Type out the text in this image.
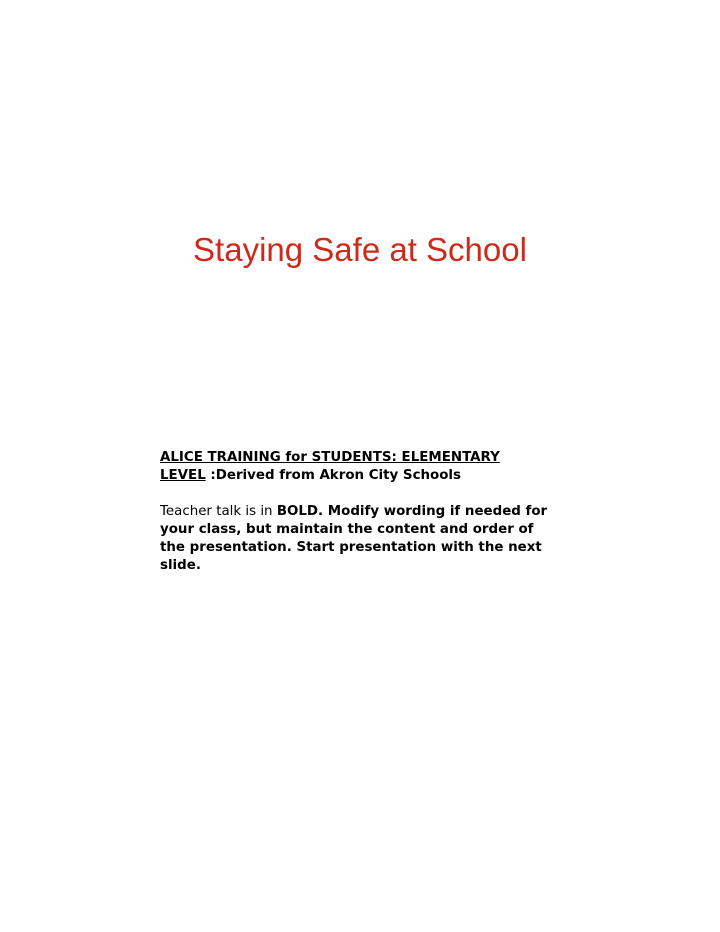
Staying Safe at School

ALICE TRAINING for STUDENTS: ELEMENTARY
LEVEL :Derived from Akron City Schools

Teacher talk is in BOLD. Modify wording if needed for your class, but maintain the content and order of the presentation. Start presentation with the next slide.
